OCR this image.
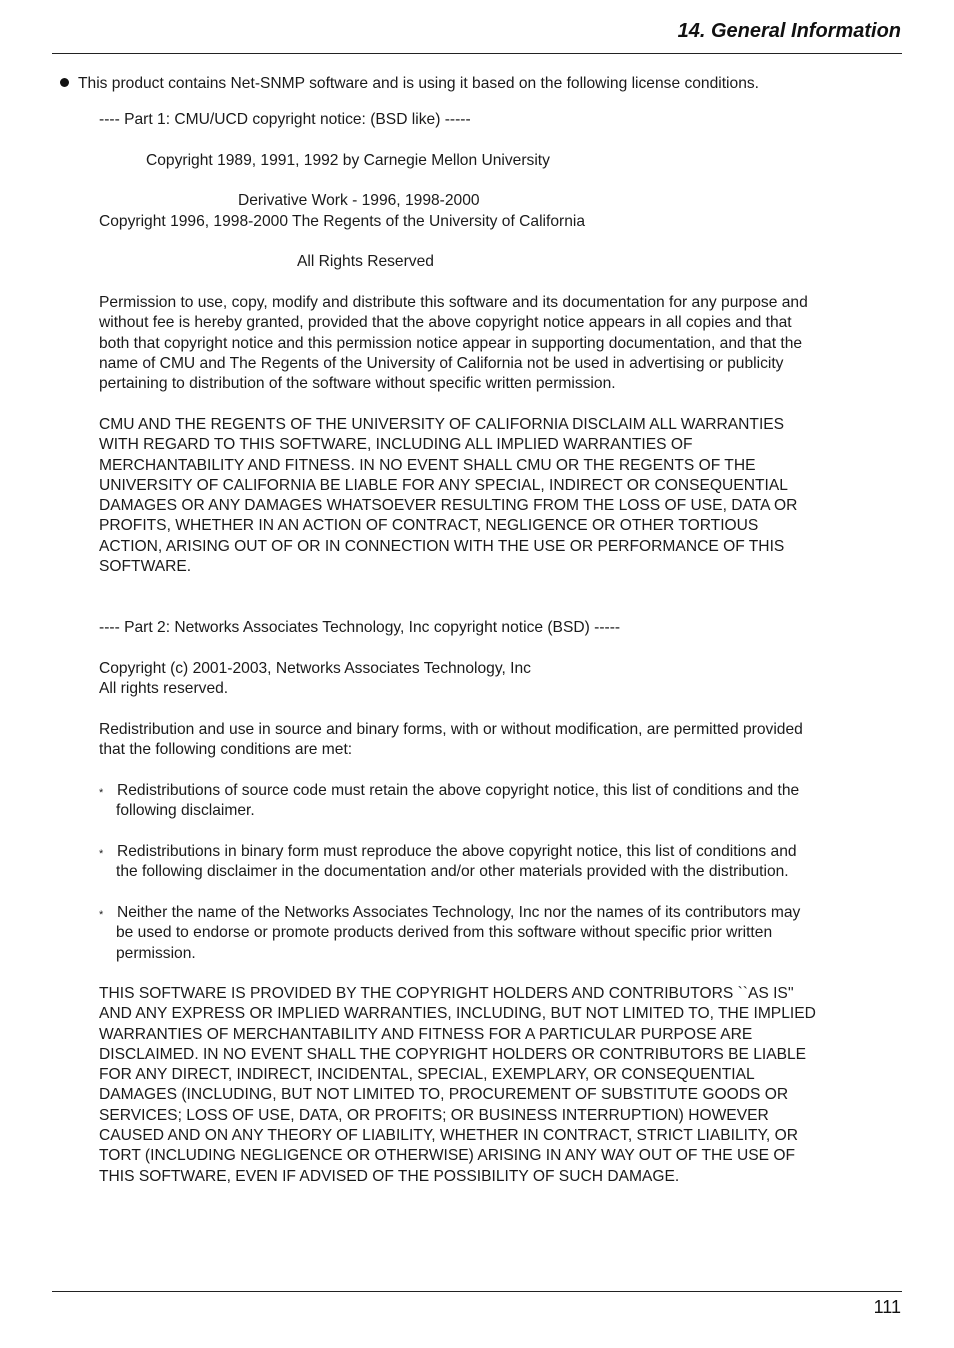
14. General Information

This product contains Net-SNMP software and is using it based on the following license conditions.

---- Part 1: CMU/UCD copyright notice: (BSD like) -----

Copyright 1989, 1991, 1992 by Carnegie Mellon University

Derivative Work - 1996, 1998-2000

Copyright 1996, 1998-2000 The Regents of the University of California

All Rights Reserved

Permission to use, copy, modify and distribute this software and its documentation for any purpose and
without fee is hereby granted, provided that the above copyright notice appears in all copies and that
both that copyright notice and this permission notice appear in supporting documentation, and that the
name of CMU and The Regents of the University of California not be used in advertising or publicity
pertaining to distribution of the software without specific written permission.
CMU AND THE REGENTS OF THE UNIVERSITY OF CALIFORNIA DISCLAIM ALL WARRANTIES
WITH REGARD TO THIS SOFTWARE, INCLUDING ALL IMPLIED WARRANTIES OF
MERCHANTABILITY AND FITNESS. IN NO EVENT SHALL CMU OR THE REGENTS OF THE
UNIVERSITY OF CALIFORNIA BE LIABLE FOR ANY SPECIAL, INDIRECT OR CONSEQUENTIAL
DAMAGES OR ANY DAMAGES WHATSOEVER RESULTING FROM THE LOSS OF USE, DATA OR
PROFITS, WHETHER IN AN ACTION OF CONTRACT, NEGLIGENCE OR OTHER TORTIOUS
ACTION, ARISING OUT OF OR IN CONNECTION WITH THE USE OR PERFORMANCE OF THIS
SOFTWARE.

---- Part 2: Networks Associates Technology, Inc copyright notice (BSD) -----

Copyright (c) 2001-2003, Networks Associates Technology, Inc

All rights reserved.

Redistribution and use in source and binary forms, with or without modification, are permitted provided
that the following conditions are met:
* Redistributions of source code must retain the above copyright notice, this list of conditions and the
following disclaimer.
* Redistributions in binary form must reproduce the above copyright notice, this list of conditions and
the following disclaimer in the documentation and/or other materials provided with the distribution.
* Neither the name of the Networks Associates Technology, Inc nor the names of its contributors may
be used to endorse or promote products derived from this software without specific prior written
permission.
THIS SOFTWARE IS PROVIDED BY THE COPYRIGHT HOLDERS AND CONTRIBUTORS ``AS IS''
AND ANY EXPRESS OR IMPLIED WARRANTIES, INCLUDING, BUT NOT LIMITED TO, THE IMPLIED
WARRANTIES OF MERCHANTABILITY AND FITNESS FOR A PARTICULAR PURPOSE ARE
DISCLAIMED. IN NO EVENT SHALL THE COPYRIGHT HOLDERS OR CONTRIBUTORS BE LIABLE
FOR ANY DIRECT, INDIRECT, INCIDENTAL, SPECIAL, EXEMPLARY, OR CONSEQUENTIAL
DAMAGES (INCLUDING, BUT NOT LIMITED TO, PROCUREMENT OF SUBSTITUTE GOODS OR
SERVICES; LOSS OF USE, DATA, OR PROFITS; OR BUSINESS INTERRUPTION) HOWEVER
CAUSED AND ON ANY THEORY OF LIABILITY, WHETHER IN CONTRACT, STRICT LIABILITY, OR
TORT (INCLUDING NEGLIGENCE OR OTHERWISE) ARISING IN ANY WAY OUT OF THE USE OF
THIS SOFTWARE, EVEN IF ADVISED OF THE POSSIBILITY OF SUCH DAMAGE.
111
